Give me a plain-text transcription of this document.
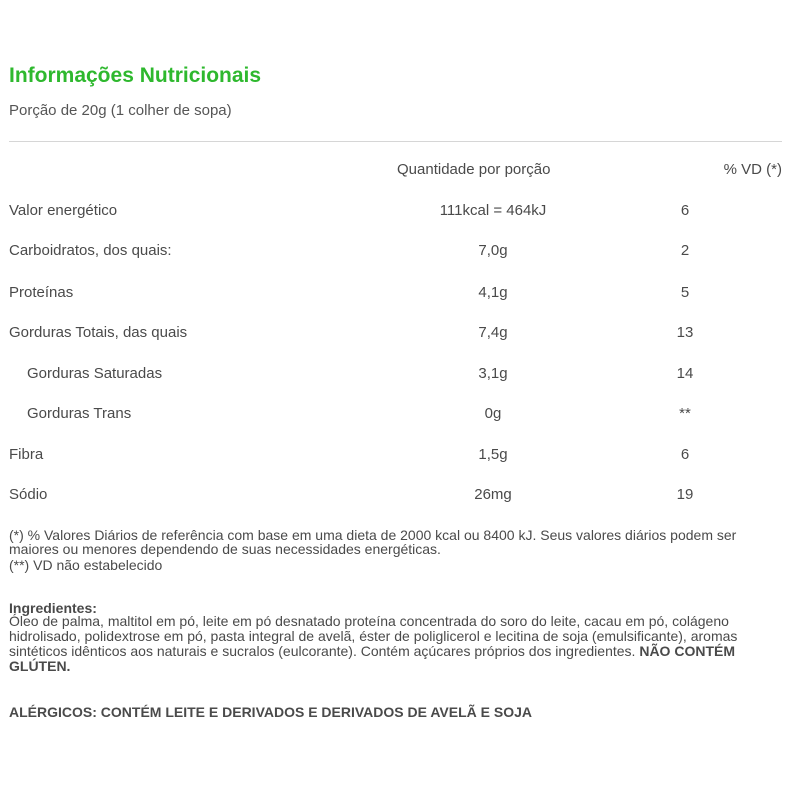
Informações Nutricionais
Porção de 20g (1 colher de sopa)
Quantidade por porção	% VD (*)
Valor energético	111kcal = 464kJ	6
Carboidratos, dos quais:	7,0g	2
Proteínas	4,1g	5
Gorduras Totais, das quais	7,4g	13
Gorduras Saturadas	3,1g	14
Gorduras Trans	0g	**
Fibra	1,5g	6
Sódio	26mg	19
(*) % Valores Diários de referência com base em uma dieta de 2000 kcal ou 8400 kJ. Seus valores diários podem ser maiores ou menores dependendo de suas necessidades energéticas.
(**) VD não estabelecido
Ingredientes:
Óleo de palma, maltitol em pó, leite em pó desnatado proteína concentrada do soro do leite, cacau em pó, colágeno hidrolisado, polidextrose em pó, pasta integral de avelã, éster de poliglicerol e lecitina de soja (emulsificante), aromas sintéticos idênticos aos naturais e sucralos (eulcorante). Contém açúcares próprios dos ingredientes. NÃO CONTÉM GLÚTEN.
ALÉRGICOS: CONTÉM LEITE E DERIVADOS E DERIVADOS DE AVELÃ E SOJA
